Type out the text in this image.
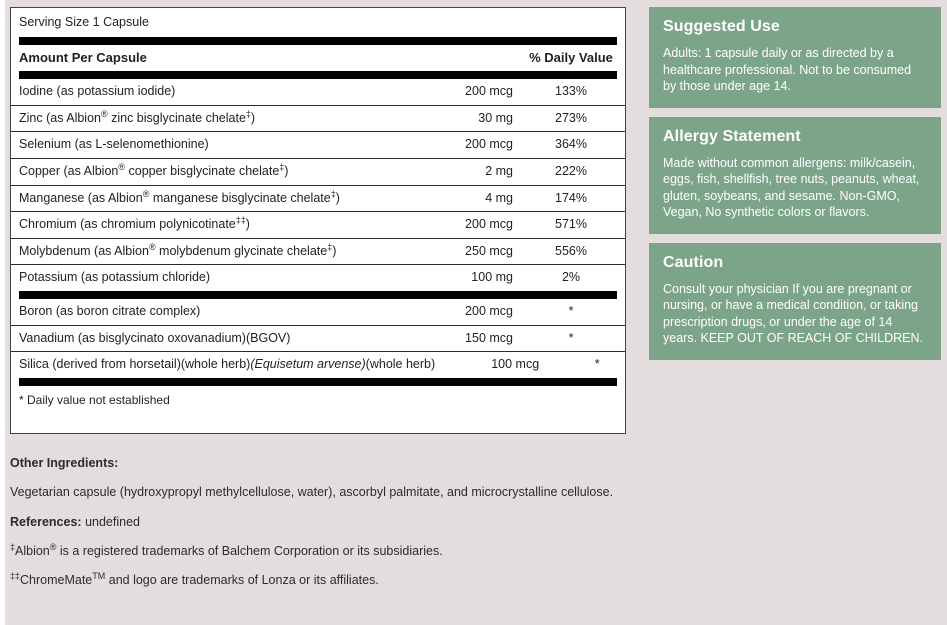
Serving Size 1 Capsule
Amount Per Capsule	% Daily Value
Iodine (as potassium iodide)	200 mcg	133%
Zinc (as Albion® zinc bisglycinate chelate‡)	30 mg	273%
Selenium (as L-selenomethionine)	200 mcg	364%
Copper (as Albion® copper bisglycinate chelate‡)	2 mg	222%
Manganese (as Albion® manganese bisglycinate chelate‡)	4 mg	174%
Chromium (as chromium polynicotinate‡‡)	200 mcg	571%
Molybdenum (as Albion® molybdenum glycinate chelate‡)	250 mcg	556%
Potassium (as potassium chloride)	100 mg	2%
Boron (as boron citrate complex)	200 mcg	*
Vanadium (as bisglycinato oxovanadium)(BGOV)	150 mcg	*
Silica (derived from horsetail)(whole herb)(Equisetum arvense)(whole herb)	100 mcg	*
* Daily value not established

Other Ingredients:

Vegetarian capsule (hydroxypropyl methylcellulose, water), ascorbyl palmitate, and microcrystalline cellulose.

References: undefined

‡Albion® is a registered trademarks of Balchem Corporation or its subsidiaries.

‡‡ChromeMate™ and logo are trademarks of Lonza or its affiliates.

Suggested Use

Adults: 1 capsule daily or as directed by a healthcare professional. Not to be consumed by those under age 14.

Allergy Statement

Made without common allergens: milk/casein, eggs, fish, shellfish, tree nuts, peanuts, wheat, gluten, soybeans, and sesame. Non-GMO, Vegan, No synthetic colors or flavors.

Caution

Consult your physician If you are pregnant or nursing, or have a medical condition, or taking prescription drugs, or under the age of 14 years. KEEP OUT OF REACH OF CHILDREN.
